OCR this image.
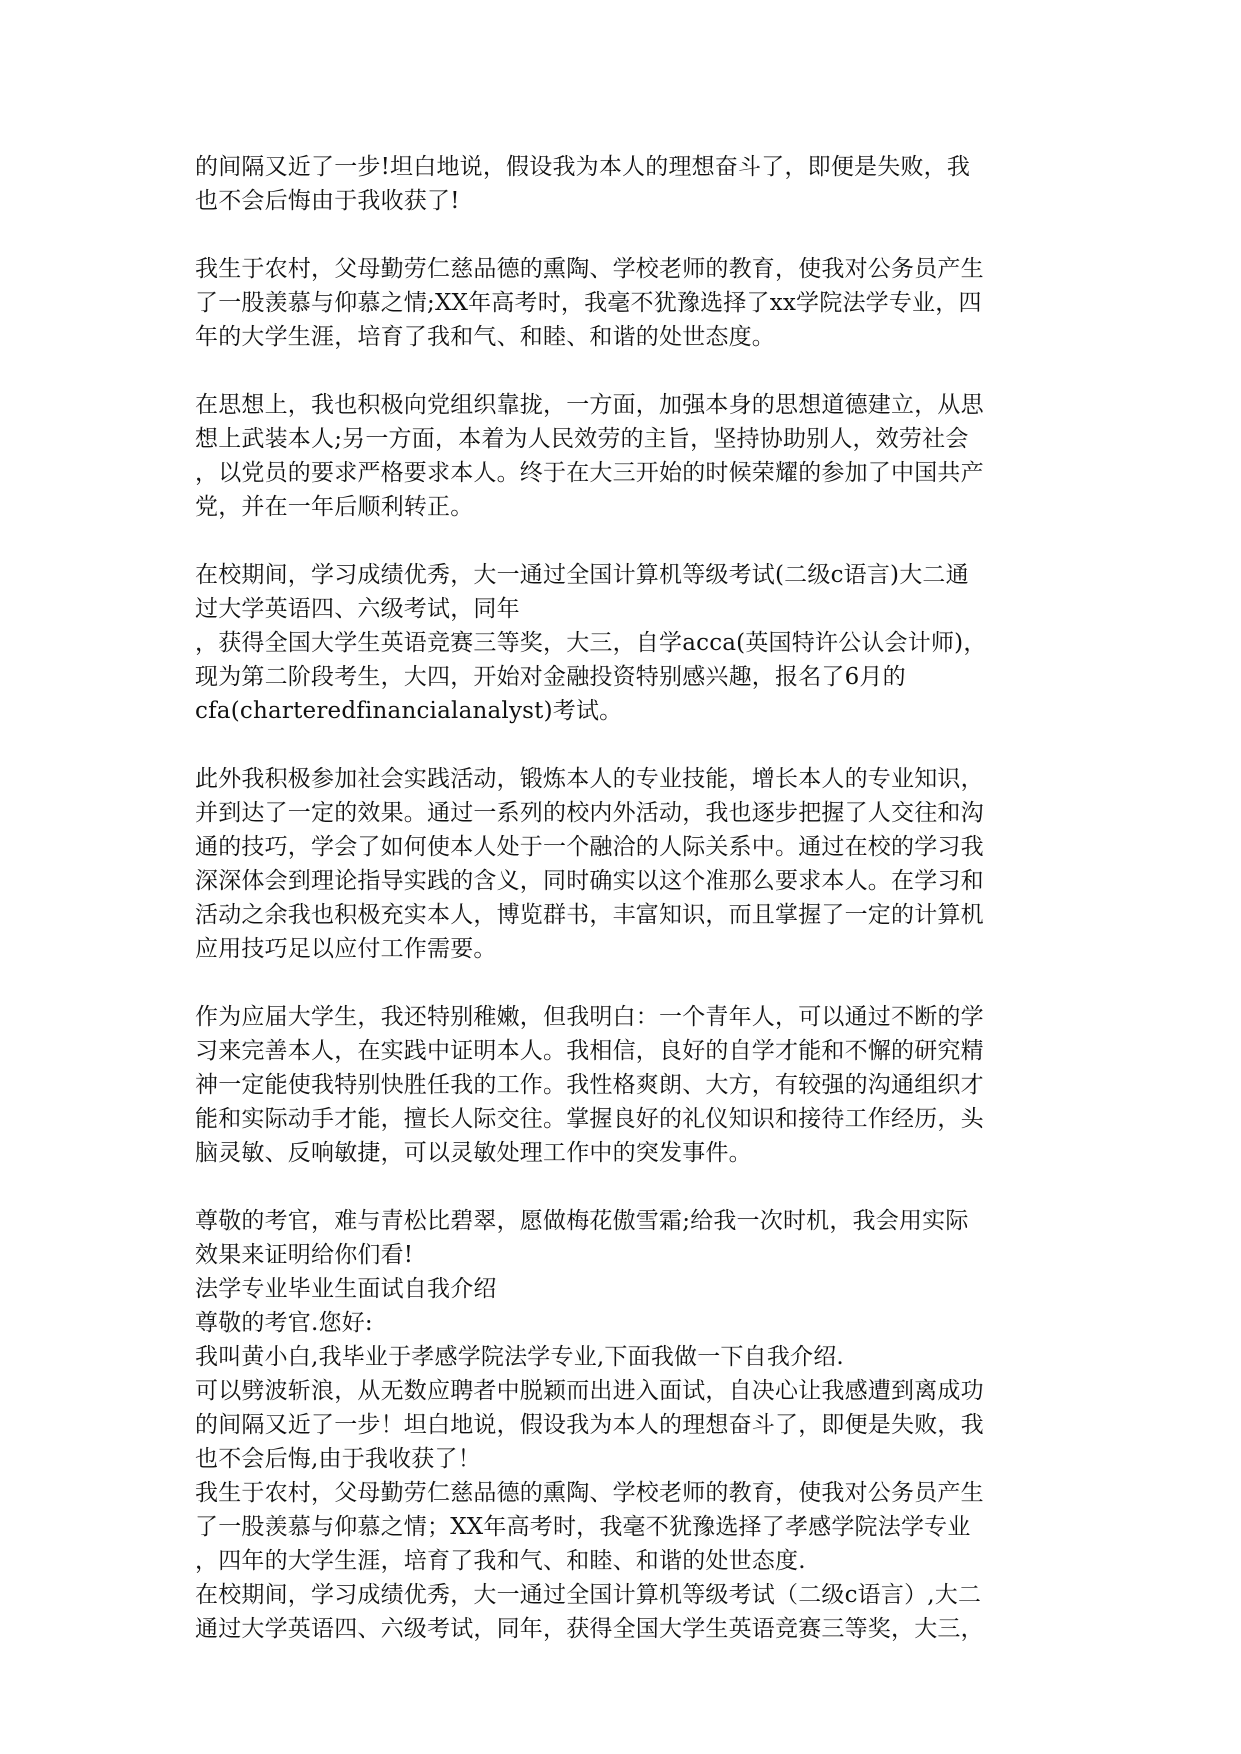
的间隔又近了一步!坦白地说，假设我为本人的理想奋斗了，即便是失败，我
也不会后悔由于我收获了!
我生于农村，父母勤劳仁慈品德的熏陶、学校老师的教育，使我对公务员产生
了一股羡慕与仰慕之情;XX年高考时，我毫不犹豫选择了xx学院法学专业，四
年的大学生涯，培育了我和气、和睦、和谐的处世态度。
在思想上，我也积极向党组织靠拢，一方面，加强本身的思想道德建立，从思
想上武装本人;另一方面，本着为人民效劳的主旨，坚持协助别人，效劳社会
，以党员的要求严格要求本人。终于在大三开始的时候荣耀的参加了中国共产
党，并在一年后顺利转正。
在校期间，学习成绩优秀，大一通过全国计算机等级考试(二级c语言)大二通
过大学英语四、六级考试，同年
，获得全国大学生英语竞赛三等奖，大三，自学acca(英国特许公认会计师)，
现为第二阶段考生，大四，开始对金融投资特别感兴趣，报名了6月的
cfa(charteredfinancialanalyst)考试。
此外我积极参加社会实践活动，锻炼本人的专业技能，增长本人的专业知识，
并到达了一定的效果。通过一系列的校内外活动，我也逐步把握了人交往和沟
通的技巧，学会了如何使本人处于一个融洽的人际关系中。通过在校的学习我
深深体会到理论指导实践的含义，同时确实以这个准那么要求本人。在学习和
活动之余我也积极充实本人，博览群书，丰富知识，而且掌握了一定的计算机
应用技巧足以应付工作需要。
作为应届大学生，我还特别稚嫩，但我明白：一个青年人，可以通过不断的学
习来完善本人，在实践中证明本人。我相信，良好的自学才能和不懈的研究精
神一定能使我特别快胜任我的工作。我性格爽朗、大方，有较强的沟通组织才
能和实际动手才能，擅长人际交往。掌握良好的礼仪知识和接待工作经历，头
脑灵敏、反响敏捷，可以灵敏处理工作中的突发事件。
尊敬的考官，难与青松比碧翠，愿做梅花傲雪霜;给我一次时机，我会用实际
效果来证明给你们看!
法学专业毕业生面试自我介绍
尊敬的考官.您好:
我叫黄小白,我毕业于孝感学院法学专业,下面我做一下自我介绍.
可以劈波斩浪，从无数应聘者中脱颖而出进入面试，自决心让我感遭到离成功
的间隔又近了一步！坦白地说，假设我为本人的理想奋斗了，即便是失败，我
也不会后悔,由于我收获了！
我生于农村，父母勤劳仁慈品德的熏陶、学校老师的教育，使我对公务员产生
了一股羡慕与仰慕之情；XX年高考时，我毫不犹豫选择了孝感学院法学专业
，四年的大学生涯，培育了我和气、和睦、和谐的处世态度.
在校期间，学习成绩优秀，大一通过全国计算机等级考试（二级c语言）,大二
通过大学英语四、六级考试，同年，获得全国大学生英语竞赛三等奖，大三，
